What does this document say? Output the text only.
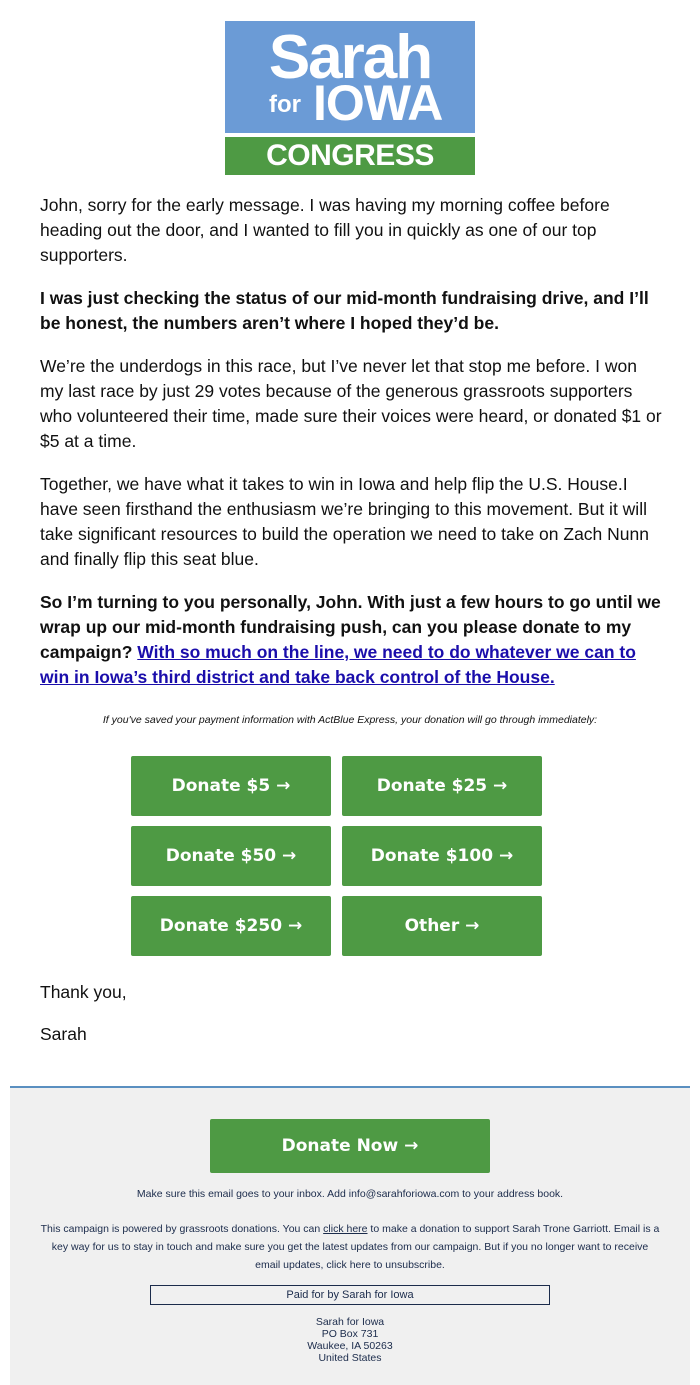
Sarah
for IOWA
CONGRESS

John, sorry for the early message. I was having my morning coffee before heading out the door, and I wanted to fill you in quickly as one of our top supporters.

I was just checking the status of our mid-month fundraising drive, and I’ll be honest, the numbers aren’t where I hoped they’d be.

We’re the underdogs in this race, but I’ve never let that stop me before. I won my last race by just 29 votes because of the generous grassroots supporters who volunteered their time, made sure their voices were heard, or donated $1 or $5 at a time.

Together, we have what it takes to win in Iowa and help flip the U.S. House.I have seen firsthand the enthusiasm we’re bringing to this movement. But it will take significant resources to build the operation we need to take on Zach Nunn and finally flip this seat blue.

So I’m turning to you personally, John. With just a few hours to go until we wrap up our mid-month fundraising push, can you please donate to my campaign? With so much on the line, we need to do whatever we can to win in Iowa’s third district and take back control of the House.

If you've saved your payment information with ActBlue Express, your donation will go through immediately:
Donate $5 →	Donate $25 →
Donate $50 →	Donate $100 →
Donate $250 →	Other →

Thank you,

Sarah

Donate Now →
Make sure this email goes to your inbox. Add info@sarahforiowa.com to your address book.
This campaign is powered by grassroots donations. You can click here to make a donation to support Sarah Trone Garriott. Email is a key way for us to stay in touch and make sure you get the latest updates from our campaign. But if you no longer want to receive email updates, click here to unsubscribe.
Paid for by Sarah for Iowa
Sarah for Iowa
PO Box 731
Waukee, IA 50263
United States
